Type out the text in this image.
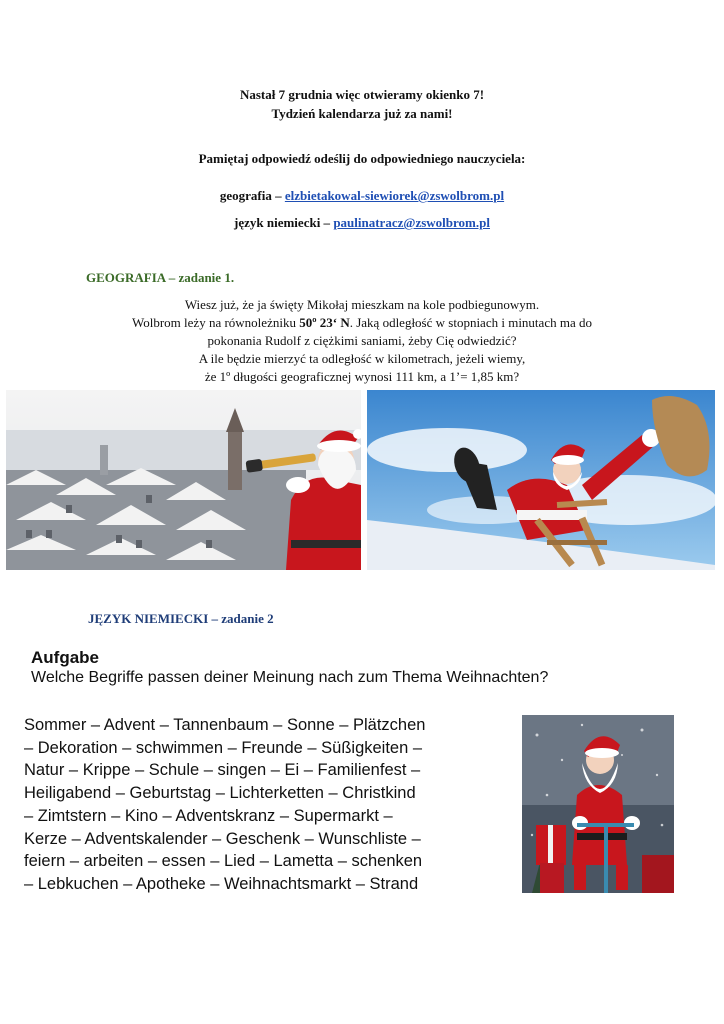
Nastał 7 grudnia więc otwieramy okienko 7!
Tydzień kalendarza już za nami!
Pamiętaj odpowiedź odeślij do odpowiedniego nauczyciela:
geografia – elzbietakowal-siewiorek@zswolbrom.pl
język niemiecki – paulinatracz@zswolbrom.pl
GEOGRAFIA – zadanie 1.
Wiesz już, że ja święty Mikołaj mieszkam na kole podbiegunowym.
Wolbrom leży na równoleżniku 50º 23‘ N. Jaką odległość w stopniach i minutach ma do
pokonania Rudolf z ciężkimi saniami, żeby Cię odwiedzić?
A ile będzie mierzyć ta odległość w kilometrach, jeżeli wiemy,
że 1º długości geograficznej wynosi 111 km, a 1’= 1,85 km?
JĘZYK NIEMIECKI – zadanie 2
Aufgabe
Welche Begriffe passen deiner Meinung nach zum Thema Weihnachten?
Sommer – Advent – Tannenbaum – Sonne – Plätzchen
– Dekoration – schwimmen – Freunde – Süßigkeiten –
Natur – Krippe – Schule – singen – Ei – Familienfest –
Heiligabend – Geburtstag – Lichterketten – Christkind
– Zimtstern – Kino – Adventskranz – Supermarkt –
Kerze – Adventskalender – Geschenk – Wunschliste –
feiern – arbeiten – essen – Lied – Lametta – schenken
– Lebkuchen – Apotheke – Weihnachtsmarkt – Strand
